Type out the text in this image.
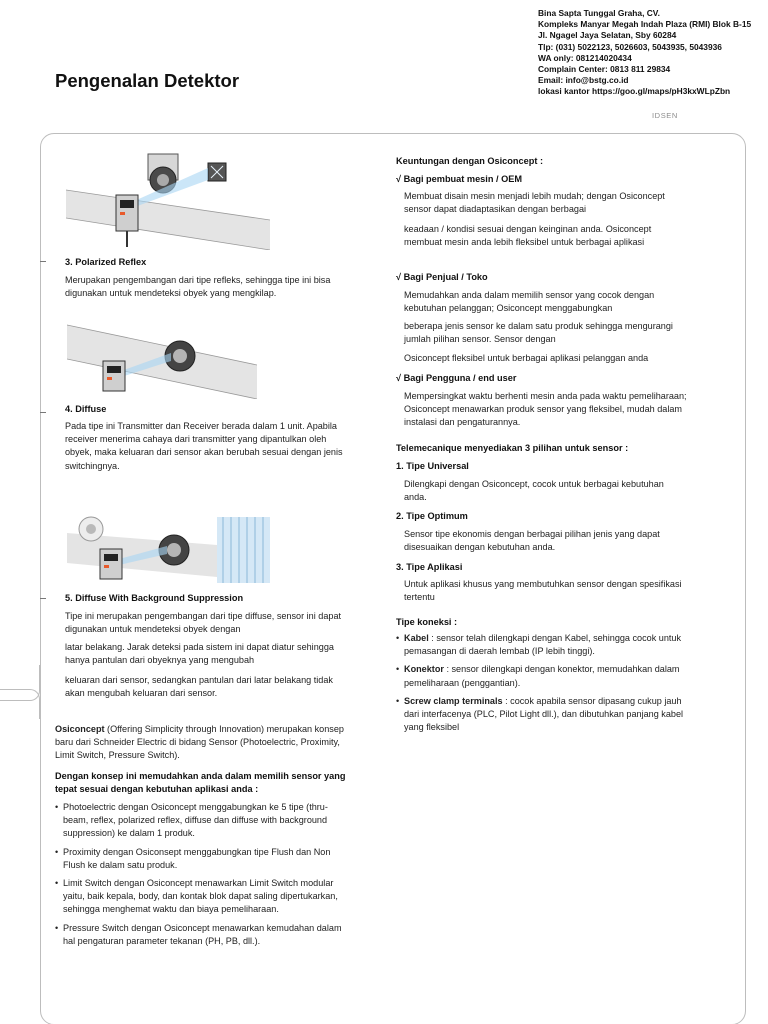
Bina Sapta Tunggal Graha, CV.
Kompleks Manyar Megah Indah Plaza (RMI) Blok B-15
Jl. Ngagel Jaya Selatan, Sby 60284
Tlp: (031) 5022123, 5026603, 5043935, 5043936
WA only: 081214020434
Complain Center: 0813 811 29834
Email: info@bstg.co.id
lokasi kantor https://goo.gl/maps/pH3kxWLpZbn
IDSEN
Pengenalan Detektor
3. Polarized Reflex
Merupakan pengembangan dari tipe refleks, sehingga tipe ini bisa digunakan untuk mendeteksi obyek yang mengkilap.
4. Diffuse
Pada tipe ini Transmitter dan Receiver berada dalam 1 unit. Apabila receiver menerima cahaya dari transmitter yang dipantulkan oleh obyek, maka keluaran dari sensor akan berubah sesuai dengan jenis switchingnya.
5. Diffuse With Background Suppression
Tipe ini merupakan pengembangan dari tipe diffuse, sensor ini dapat digunakan untuk mendeteksi obyek dengan
latar belakang. Jarak deteksi pada sistem ini dapat diatur sehingga hanya pantulan dari obyeknya yang mengubah
keluaran dari sensor, sedangkan pantulan dari latar belakang tidak akan mengubah keluaran dari sensor.
Osiconcept (Offering Simplicity through Innovation) merupakan konsep baru dari Schneider Electric di bidang Sensor (Photoelectric, Proximity, Limit Switch, Pressure Switch).
Dengan konsep ini memudahkan anda dalam memilih sensor yang tepat sesuai dengan kebutuhan aplikasi anda :
• Photoelectric dengan Osiconcept menggabungkan ke 5 tipe (thru-beam, reflex, polarized reflex, diffuse dan diffuse with background suppression) ke dalam 1 produk.
• Proximity dengan Osiconsept menggabungkan tipe Flush dan Non Flush ke dalam satu produk.
• Limit Switch dengan Osiconcept menawarkan Limit Switch modular yaitu, baik kepala, body, dan kontak blok dapat saling dipertukarkan, sehingga menghemat waktu dan biaya pemeliharaan.
• Pressure Switch dengan Osiconcept menawarkan kemudahan dalam hal pengaturan parameter tekanan (PH, PB, dll.).
Keuntungan dengan Osiconcept :
√ Bagi pembuat mesin / OEM
Membuat disain mesin menjadi lebih mudah; dengan Osiconcept sensor dapat diadaptasikan dengan berbagai
keadaan / kondisi sesuai dengan keinginan anda. Osiconcept membuat mesin anda lebih fleksibel untuk berbagai aplikasi
√ Bagi Penjual / Toko
Memudahkan anda dalam memilih sensor yang cocok dengan kebutuhan pelanggan; Osiconcept menggabungkan
beberapa jenis sensor ke dalam satu produk sehingga mengurangi jumlah pilihan sensor. Sensor dengan
Osiconcept fleksibel untuk berbagai aplikasi pelanggan anda
√ Bagi Pengguna / end user
Mempersingkat waktu berhenti mesin anda pada waktu pemeliharaan; Osiconcept menawarkan produk sensor yang fleksibel, mudah dalam instalasi dan pengaturannya.
Telemecanique menyediakan 3 pilihan untuk sensor :
1. Tipe Universal
Dilengkapi dengan Osiconcept, cocok untuk berbagai kebutuhan anda.
2. Tipe Optimum
Sensor tipe ekonomis dengan berbagai pilihan jenis yang dapat disesuaikan dengan kebutuhan anda.
3. Tipe Aplikasi
Untuk aplikasi khusus yang membutuhkan sensor dengan spesifikasi tertentu
Tipe koneksi :
• Kabel : sensor telah dilengkapi dengan Kabel, sehingga cocok untuk pemasangan di daerah lembab (IP lebih tinggi).
• Konektor : sensor dilengkapi dengan konektor, memudahkan dalam pemeliharaan (penggantian).
• Screw clamp terminals : cocok apabila sensor dipasang cukup jauh dari interfacenya (PLC, Pilot Light dll.), dan dibutuhkan panjang kabel yang fleksibel
